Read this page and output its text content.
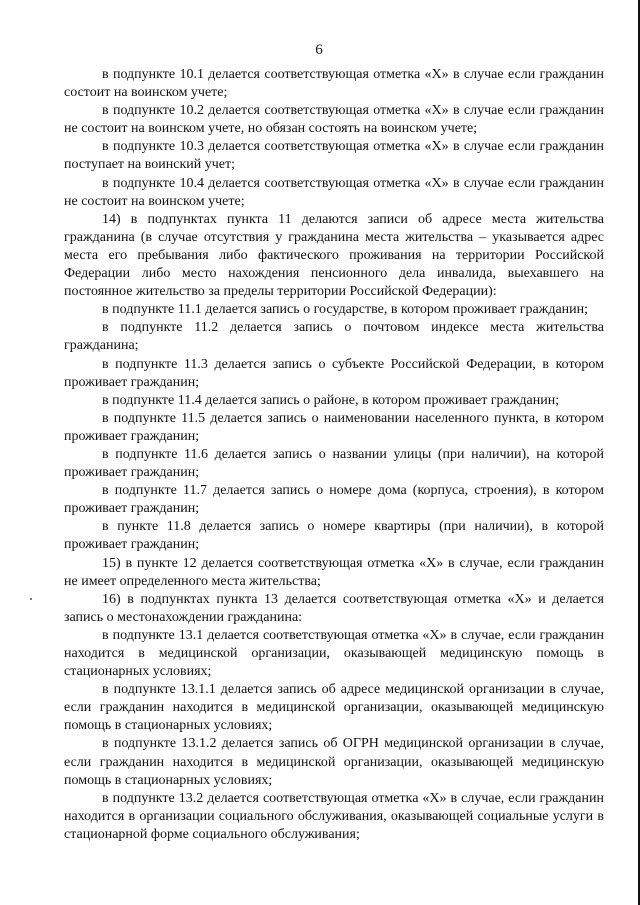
6

в подпункте 10.1 делается соответствующая отметка «Х» в случае если гражданин состоит на воинском учете;

в подпункте 10.2 делается соответствующая отметка «Х» в случае если гражданин не состоит на воинском учете, но обязан состоять на воинском учете;

в подпункте 10.3 делается соответствующая отметка «Х» в случае если гражданин поступает на воинский учет;

в подпункте 10.4 делается соответствующая отметка «Х» в случае если гражданин не состоит на воинском учете;

14) в подпунктах пункта 11 делаются записи об адресе места жительства гражданина (в случае отсутствия у гражданина места жительства – указывается адрес места его пребывания либо фактического проживания на территории Российской Федерации либо место нахождения пенсионного дела инвалида, выехавшего на постоянное жительство за пределы территории Российской Федерации):

в подпункте 11.1 делается запись о государстве, в котором проживает гражданин;

в подпункте 11.2 делается запись о почтовом индексе места жительства гражданина;

в подпункте 11.3 делается запись о субъекте Российской Федерации, в котором проживает гражданин;

в подпункте 11.4 делается запись о районе, в котором проживает гражданин;

в подпункте 11.5 делается запись о наименовании населенного пункта, в котором проживает гражданин;

в подпункте 11.6 делается запись о названии улицы (при наличии), на которой проживает гражданин;

в подпункте 11.7 делается запись о номере дома (корпуса, строения), в котором проживает гражданин;

в пункте 11.8 делается запись о номере квартиры (при наличии), в которой проживает гражданин;

15) в пункте 12 делается соответствующая отметка «Х» в случае, если гражданин не имеет определенного места жительства;

16) в подпунктах пункта 13 делается соответствующая отметка «Х» и делается запись о местонахождении гражданина:

в подпункте 13.1 делается соответствующая отметка «Х» в случае, если гражданин находится в медицинской организации, оказывающей медицинскую помощь в стационарных условиях;

в подпункте 13.1.1 делается запись об адресе медицинской организации в случае, если гражданин находится в медицинской организации, оказывающей медицинскую помощь в стационарных условиях;

в подпункте 13.1.2 делается запись об ОГРН медицинской организации в случае, если гражданин находится в медицинской организации, оказывающей медицинскую помощь в стационарных условиях;

в подпункте 13.2 делается соответствующая отметка «Х» в случае, если гражданин находится в организации социального обслуживания, оказывающей социальные услуги в стационарной форме социального обслуживания;
